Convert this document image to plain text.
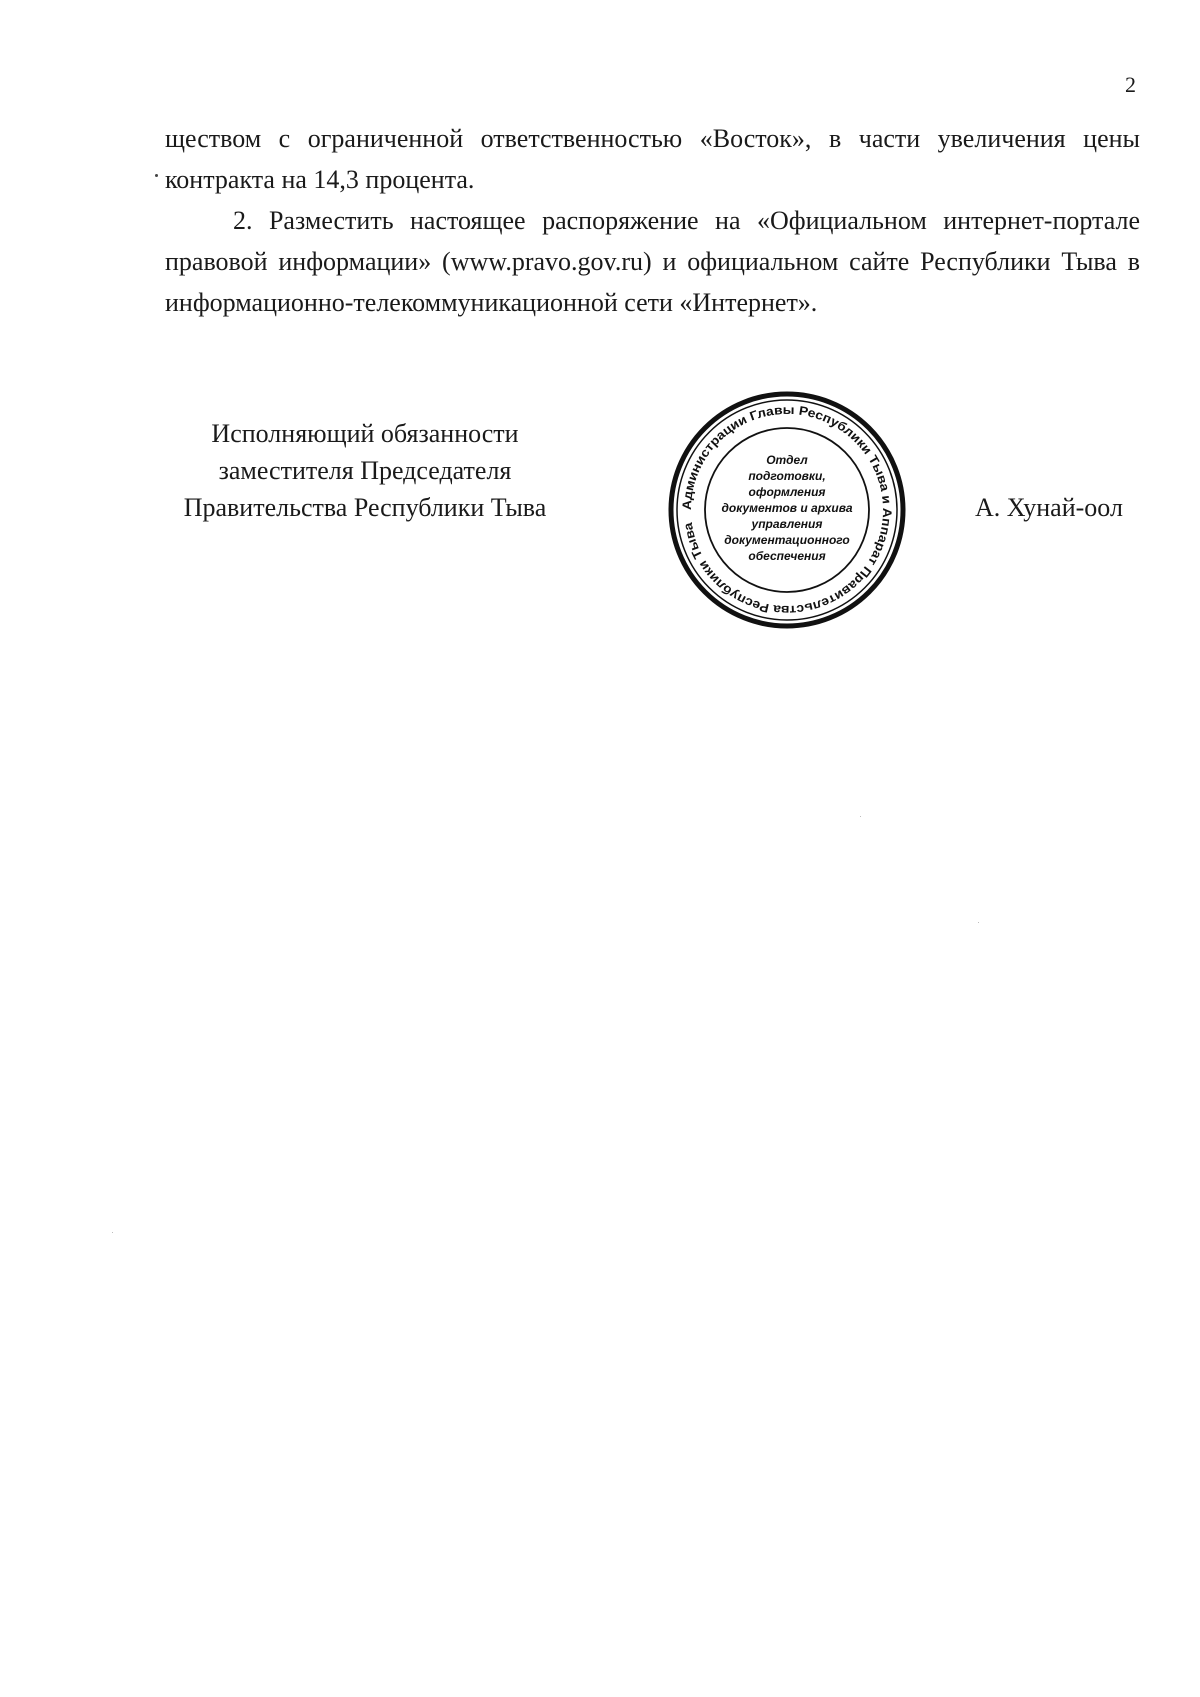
2

ществом с ограниченной ответственностью «Восток», в части увеличения цены контракта на 14,3 процента.

2. Разместить настоящее распоряжение на «Официальном интернет-портале правовой информации» (www.pravo.gov.ru) и официальном сайте Республики Тыва в информационно-телекоммуникационной сети «Интернет».

Исполняющий обязанности
заместителя Председателя
Правительства Республики Тыва	Администрации Главы Республики Тыва и Аппарат Правительства Республики Тыва
Отдел
подготовки,
оформления
документов и архива
управления
документационного
обеспечения
А. Хунай-оол
